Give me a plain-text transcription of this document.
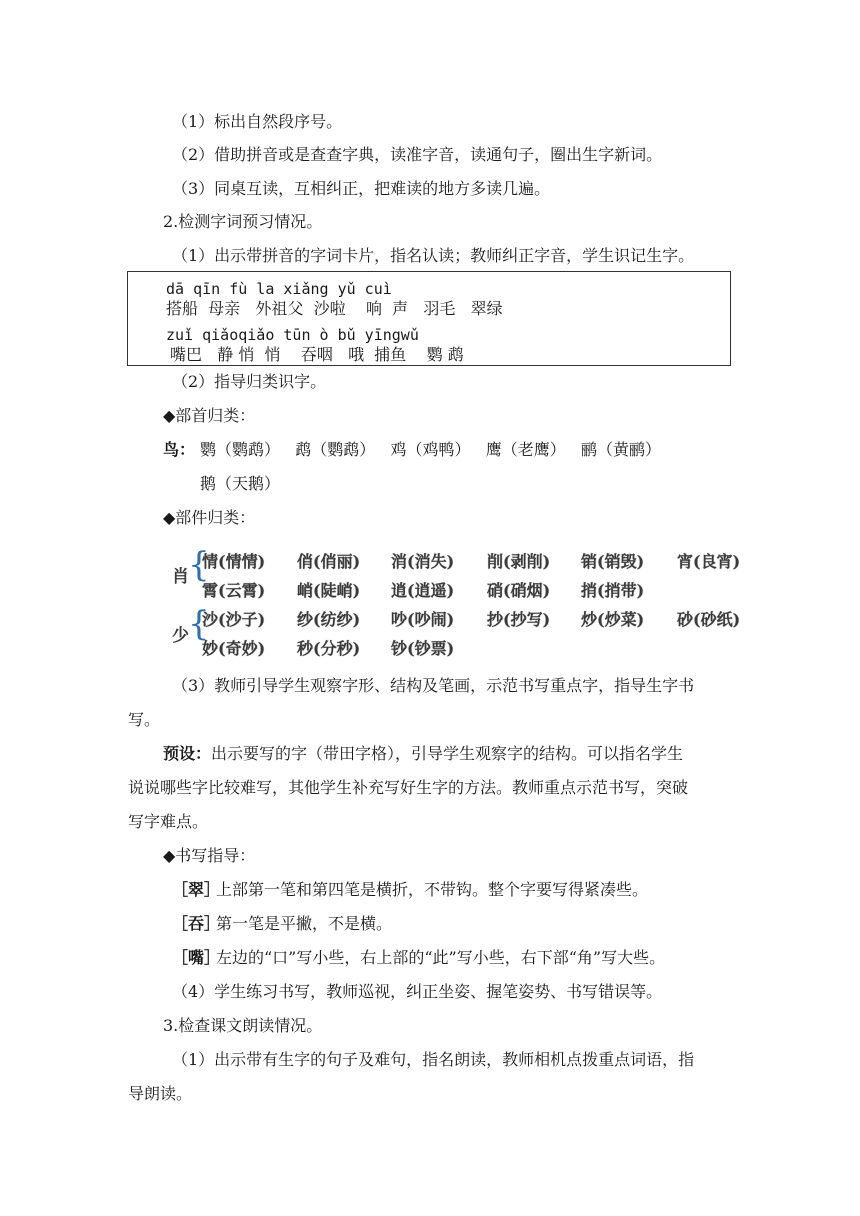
（1）标出自然段序号。
（2）借助拼音或是查查字典，读准字音，读通句子，圈出生字新词。
（3）同桌互读，互相纠正，把难读的地方多读几遍。
2.检测字词预习情况。
（1）出示带拼音的字词卡片，指名认读；教师纠正字音，学生识记生字。
dā qīn fù la xiǎng yǔ cuì
搭船  母亲   外祖父  沙啦    响  声   羽毛   翠绿
zuǐ qiǎoqiǎo tūn ò bǔ yīngwǔ
嘴巴   静 悄  悄    吞咽   哦  捕鱼    鹦 鹉
（2）指导归类识字。
◆部首归类：
鸟： 鹦（鹦鹉）   鹉（鹦鹉）   鸡（鸡鸭）   鹰（老鹰）   鹂（黄鹂）
鹅（天鹅）
◆部件归类：
肖 {
情(情情) 俏(俏丽) 消(消失) 削(剥削) 销(销毁) 宵(良宵)
霄(云霄) 峭(陡峭) 逍(逍遥) 硝(硝烟) 捎(捎带)
少 {
沙(沙子) 纱(纺纱) 吵(吵闹) 抄(抄写) 炒(炒菜) 砂(砂纸)
妙(奇妙) 秒(分秒) 钞(钞票)
（3）教师引导学生观察字形、结构及笔画，示范书写重点字，指导生字书
写。
预设： 出示要写的字（带田字格），引导学生观察字的结构。可以指名学生
说说哪些字比较难写，其他学生补充写好生字的方法。教师重点示范书写，突破
写字难点。
◆书写指导：
［翠］
上部第一笔和第四笔是横折，不带钩。整个字要写得紧凑些。
［吞］
第一笔是平撇，不是横。
［嘴］
左边的“口”写小些，右上部的“此”写小些，右下部“角”写大些。
（4）学生练习书写，教师巡视，纠正坐姿、握笔姿势、书写错误等。
3.检查课文朗读情况。
（1）出示带有生字的句子及难句，指名朗读，教师相机点拨重点词语，指
导朗读。
